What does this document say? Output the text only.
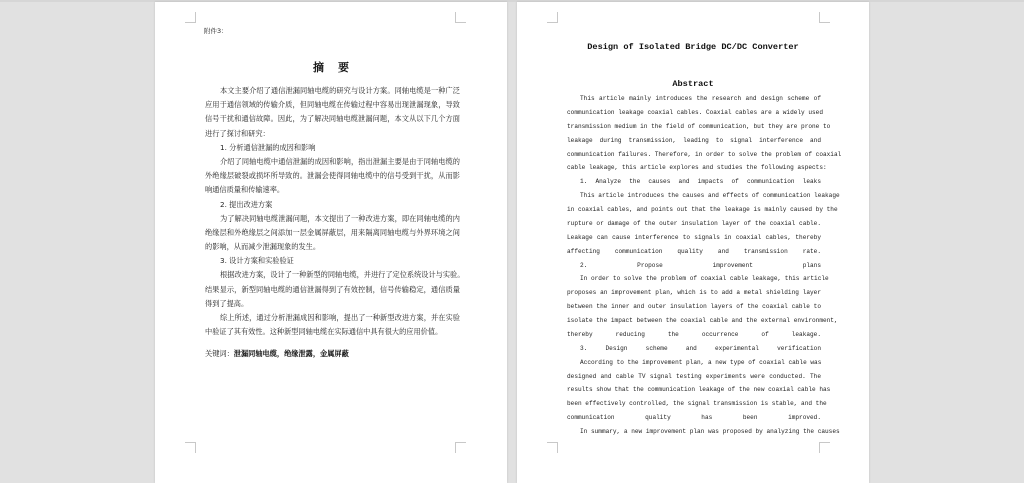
附件3：
摘要
本文主要介绍了通信泄漏同轴电缆的研究与设计方案。同轴电缆是一种广泛
应用于通信领域的传输介质，但同轴电缆在传输过程中容易出现泄漏现象，导致
信号干扰和通信故障。因此，为了解决同轴电缆泄漏问题，本文从以下几个方面
进行了探讨和研究：
1. 分析通信泄漏的成因和影响
介绍了同轴电缆中通信泄漏的成因和影响，指出泄漏主要是由于同轴电缆的
外绝缘层破裂或损坏所导致的。泄漏会使得同轴电缆中的信号受到干扰，从而影
响通信质量和传输速率。
2. 提出改进方案
为了解决同轴电缆泄漏问题，本文提出了一种改进方案，即在同轴电缆的内
绝缘层和外绝缘层之间添加一层金属屏蔽层，用来隔离同轴电缆与外界环境之间
的影响，从而减少泄漏现象的发生。
3. 设计方案和实验验证
根据改进方案，设计了一种新型的同轴电缆，并进行了定位系统设计与实验。
结果显示，新型同轴电缆的通信泄漏得到了有效控制，信号传输稳定，通信质量
得到了提高。
综上所述，通过分析泄漏成因和影响，提出了一种新型改进方案，并在实验
中验证了其有效性。这种新型同轴电缆在实际通信中具有很大的应用价值。
关键词：泄漏同轴电缆，绝缘泄露，金属屏蔽
Design of Isolated Bridge DC/DC Converter
Abstract
This article mainly introduces the research and design scheme of
communication leakage coaxial cables. Coaxial cables are a widely used
transmission medium in the field of communication, but they are prone to
leakage during transmission, leading to signal interference and
communication failures. Therefore, in order to solve the problem of coaxial
cable leakage, this article explores and studies the following aspects:
1. Analyze the causes and impacts of communication leaks
This article introduces the causes and effects of communication leakage
in coaxial cables, and points out that the leakage is mainly caused by the
rupture or damage of the outer insulation layer of the coaxial cable.
Leakage can cause interference to signals in coaxial cables, thereby
affecting communication quality and transmission rate.
2. Propose improvement plans
In order to solve the problem of coaxial cable leakage, this article
proposes an improvement plan, which is to add a metal shielding layer
between the inner and outer insulation layers of the coaxial cable to
isolate the impact between the coaxial cable and the external environment,
thereby reducing the occurrence of leakage.
3. Design scheme and experimental verification
According to the improvement plan, a new type of coaxial cable was
designed and cable TV signal testing experiments were conducted. The
results show that the communication leakage of the new coaxial cable has
been effectively controlled, the signal transmission is stable, and the
communication quality has been improved.
In summary, a new improvement plan was proposed by analyzing the causes
